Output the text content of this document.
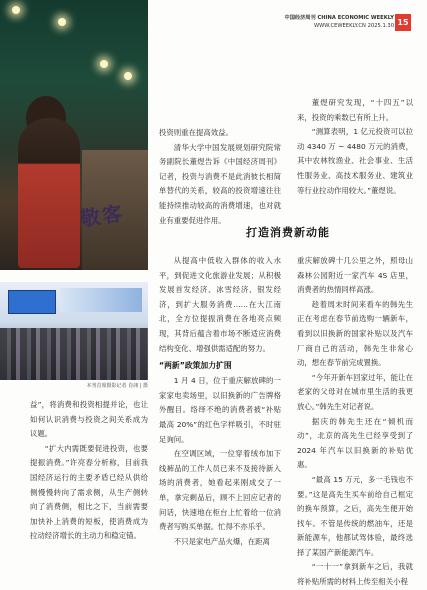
中国经济周刊 CHINA ECONOMIC WEEKLY
WWW.CEWEEKLY.CN 2025.1.30 15
敬客
本刊首席摄影记者 肖翊 | 摄

投资则重在提高效益。

清华大学中国发展规划研究院常务副院长董煜告诉《中国经济周刊》记者，投资与消费不是此消彼长相简单替代的关系，较高的投资增速往往能持续推动较高的消费增速，也对就业有重要促进作用。

董煜研究发现，“十四五”以来，投资的乘数已有所上升。

“测算表明，1 亿元投资可以拉动 4340 万 ~ 4480 万元的消费，其中农林牧渔业、社会事业、生活性服务业、高技术服务业、建筑业等行业拉动作用较大。”董煜说。

打造消费新动能

从提高中低收入群体的收入水平，到促进文化旅游业发展；从积极发展首发经济、冰雪经济、银发经济，到扩大服务消费……在大江南北，全方位提振消费在各地亮点频现，其背后蕴含着市场不断适应消费结构变化、增强供需适配的努力。

“两新”政策加力扩围

1 月 4 日，位于重庆解放碑的一家家电卖场里，以旧换新的广告牌格外醒目。络绎不绝的消费者被“补贴最高 20%”的红色字样吸引，不时驻足询问。

在空调区域，一位穿着绒布加下线裤品的工作人员已来不及接待新入场的消费者，她看起来刚成交了一单，拿完剩品后，顾不上回应记者的问话，快速地在柜台上忙着给一位消费者写购买单据。忙得不亦乐乎。

不只是家电产品火爆，在距离

重庆解放碑十几公里之外，照母山森林公园附近一家汽车 4S 店里，消费者的热情同样高涨。

趁着周末时间来看车的韩先生正在考虑在春节前选购一辆新车，看到以旧换新的国家补贴以及汽车厂商自己的活动，韩先生非常心动，想在春节前完成置换。

“今年开新车回家过年，能让在老家的父母对在城市里生活的我更放心。”韩先生对记者说。

据庆的韩先生还在“倾机而动”，北京的高先生已经享受到了 2024 年汽车以旧换新的补贴优惠。

“最高 15 万元，多一毛钱也不要。”这是高先生买车前给自己框定的换车预算，之后，高先生便开始找车。不管是传统的燃油车，还是新能源车，他都试驾体验，最终选择了某国产新能源汽车。

“一十一”拿到新车之后，我就将补贴所需的材料上传至相关小程

益”，将消费和投资相提并论，也让如何认识消费与投资之间关系成为议题。

“扩大内需既要促进投资，也要提振消费。”许亮春分析称，目前我国经济运行的主要矛盾已经从供给侧慢慢转向了需求侧，从生产侧转向了消费侧，相比之下，当前需要加快补上消费的短板，使消费成为拉动经济增长的主动力和稳定锚。
